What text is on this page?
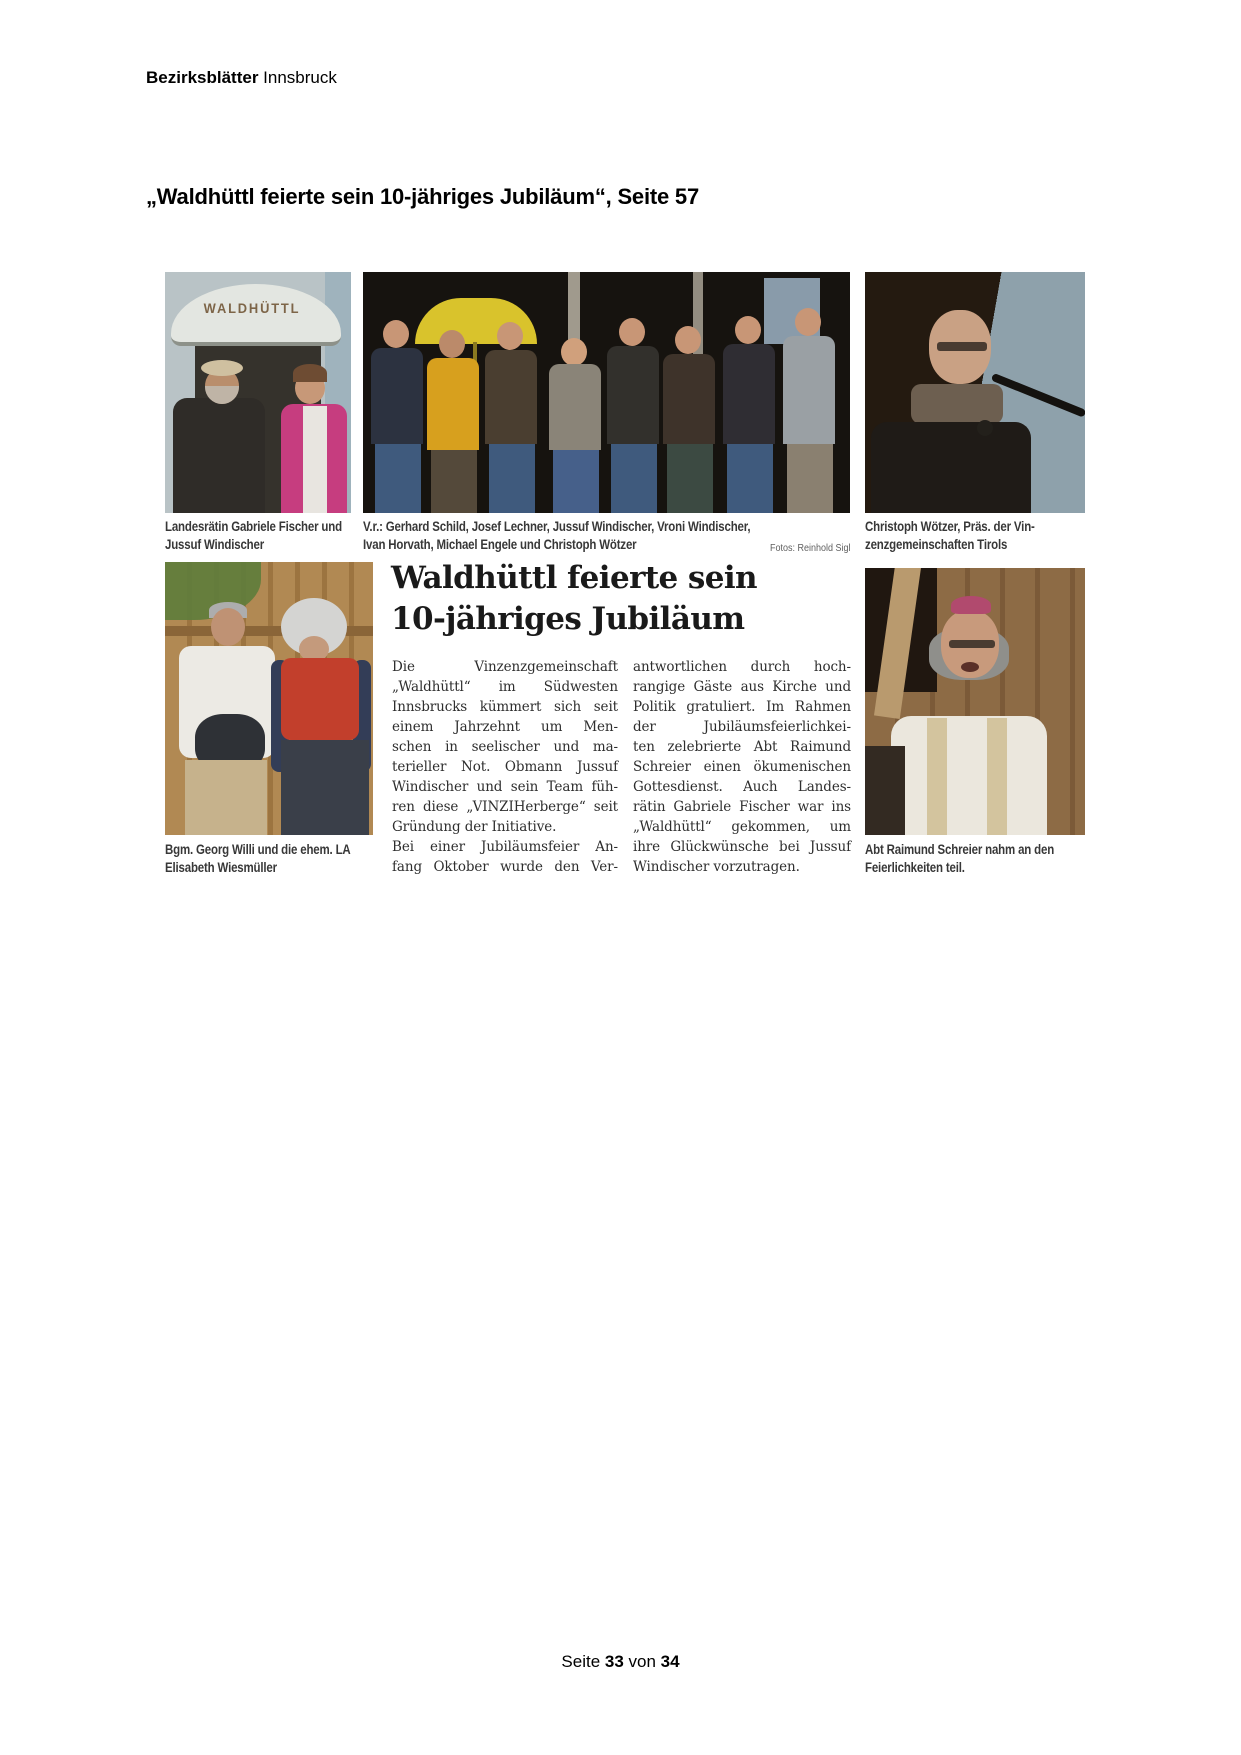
Bezirksblätter Innsbruck
„Waldhüttl feierte sein 10-jähriges Jubiläum“, Seite 57
WALDHÜTTL
Landesrätin Gabriele Fischer und
Jussuf Windischer
V.r.: Gerhard Schild, Josef Lechner, Jussuf Windischer, Vroni Windischer,
Ivan Horvath, Michael Engele und Christoph Wötzer	Fotos: Reinhold Sigl
Christoph Wötzer, Präs. der Vin-
zenzgemeinschaften Tirols
Waldhüttl feierte sein
10-jähriges Jubiläum
Die Vinzenzgemeinschaft
„Waldhüttl“ im Südwesten
Innsbrucks kümmert sich seit
einem Jahrzehnt um Men-
schen in seelischer und ma-
terieller Not. Obmann Jussuf
Windischer und sein Team füh-
ren diese „VINZIHerberge“ seit
Gründung der Initiative.
Bei einer Jubiläumsfeier An-
fang Oktober wurde den Ver-
antwortlichen durch hoch-
rangige Gäste aus Kirche und
Politik gratuliert. Im Rahmen
der Jubiläumsfeierlichkei-
ten zelebrierte Abt Raimund
Schreier einen ökumenischen
Gottesdienst. Auch Landes-
rätin Gabriele Fischer war ins
„Waldhüttl“ gekommen, um
ihre Glückwünsche bei Jussuf
Windischer vorzutragen.
Bgm. Georg Willi und die ehem. LA
Elisabeth Wiesmüller
Abt Raimund Schreier nahm an den
Feierlichkeiten teil.
Seite 33 von 34
